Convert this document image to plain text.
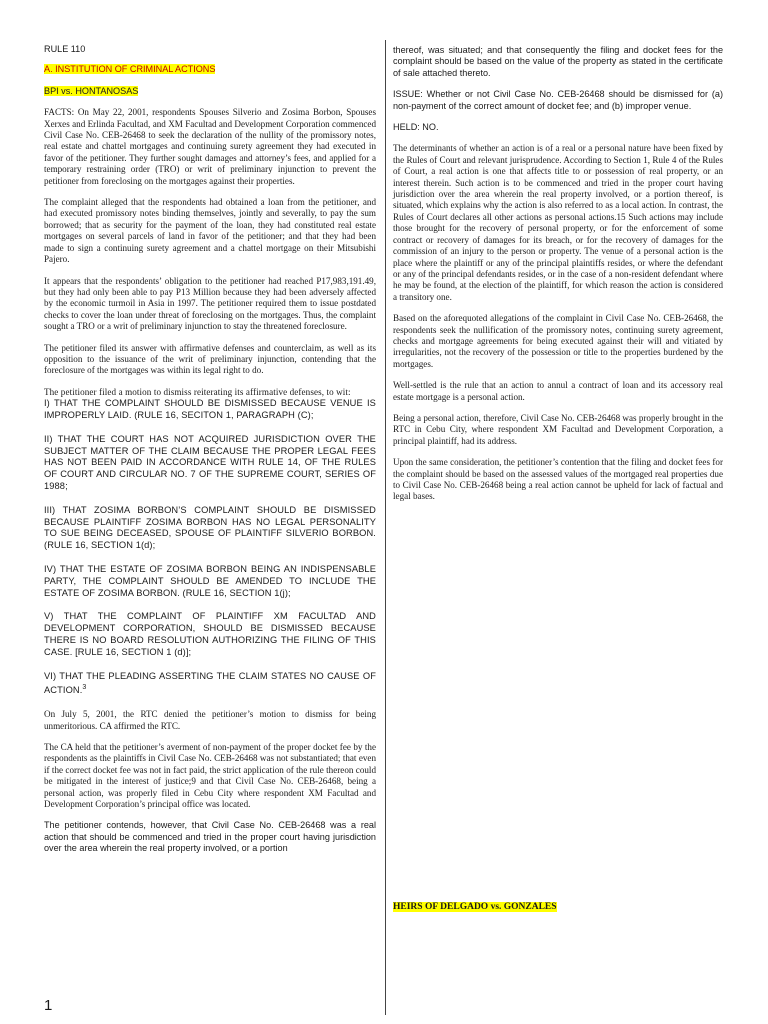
RULE 110
A. INSTITUTION OF CRIMINAL ACTIONS
BPI vs. HONTANOSAS

FACTS: On May 22, 2001, respondents Spouses Silverio and Zosima Borbon, Spouses Xerxes and Erlinda Facultad, and XM Facultad and Development Corporation commenced Civil Case No. CEB-26468 to seek the declaration of the nullity of the promissory notes, real estate and chattel mortgages and continuing surety agreement they had executed in favor of the petitioner. They further sought damages and attorney’s fees, and applied for a temporary restraining order (TRO) or writ of preliminary injunction to prevent the petitioner from foreclosing on the mortgages against their properties.

The complaint alleged that the respondents had obtained a loan from the petitioner, and had executed promissory notes binding themselves, jointly and severally, to pay the sum borrowed; that as security for the payment of the loan, they had constituted real estate mortgages on several parcels of land in favor of the petitioner; and that they had been made to sign a continuing surety agreement and a chattel mortgage on their Mitsubishi Pajero.

It appears that the respondents’ obligation to the petitioner had reached P17,983,191.49, but they had only been able to pay P13 Million because they had been adversely affected by the economic turmoil in Asia in 1997. The petitioner required them to issue postdated checks to cover the loan under threat of foreclosing on the mortgages. Thus, the complaint sought a TRO or a writ of preliminary injunction to stay the threatened foreclosure.

The petitioner filed its answer with affirmative defenses and counterclaim, as well as its opposition to the issuance of the writ of preliminary injunction, contending that the foreclosure of the mortgages was within its legal right to do.

The petitioner filed a motion to dismiss reiterating its affirmative defenses, to wit:

I) THAT THE COMPLAINT SHOULD BE DISMISSED BECAUSE VENUE IS IMPROPERLY LAID. (RULE 16, SECITON 1, PARAGRAPH (C);

II) THAT THE COURT HAS NOT ACQUIRED JURISDICTION OVER THE SUBJECT MATTER OF THE CLAIM BECAUSE THE PROPER LEGAL FEES HAS NOT BEEN PAID IN ACCORDANCE WITH RULE 14, OF THE RULES OF COURT AND CIRCULAR NO. 7 OF THE SUPREME COURT, SERIES OF 1988;

III) THAT ZOSIMA BORBON’S COMPLAINT SHOULD BE DISMISSED BECAUSE PLAINTIFF ZOSIMA BORBON HAS NO LEGAL PERSONALITY TO SUE BEING DECEASED, SPOUSE OF PLAINTIFF SILVERIO BORBON. (RULE 16, SECTION 1(d);

IV) THAT THE ESTATE OF ZOSIMA BORBON BEING AN INDISPENSABLE PARTY, THE COMPLAINT SHOULD BE AMENDED TO INCLUDE THE ESTATE OF ZOSIMA BORBON. (RULE 16, SECTION 1(j);

V) THAT THE COMPLAINT OF PLAINTIFF XM FACULTAD AND DEVELOPMENT CORPORATION, SHOULD BE DISMISSED BECAUSE THERE IS NO BOARD RESOLUTION AUTHORIZING THE FILING OF THIS CASE. [RULE 16, SECTION 1 (d)];

VI) THAT THE PLEADING ASSERTING THE CLAIM STATES NO CAUSE OF ACTION.$^3$

On July 5, 2001, the RTC denied the petitioner’s motion to dismiss for being unmeritorious. CA affirmed the RTC.

The CA held that the petitioner’s averment of non-payment of the proper docket fee by the respondents as the plaintiffs in Civil Case No. CEB-26468 was not substantiated; that even if the correct docket fee was not in fact paid, the strict application of the rule thereon could be mitigated in the interest of justice;9 and that Civil Case No. CEB-26468, being a personal action, was properly filed in Cebu City where respondent XM Facultad and Development Corporation’s principal office was located.

The petitioner contends, however, that Civil Case No. CEB-26468 was a real action that should be commenced and tried in the proper court having jurisdiction over the area wherein the real property involved, or a portion

thereof, was situated; and that consequently the filing and docket fees for the complaint should be based on the value of the property as stated in the certificate of sale attached thereto.

ISSUE: Whether or not Civil Case No. CEB-26468 should be dismissed for (a) non-payment of the correct amount of docket fee; and (b) improper venue.

HELD: NO.

The determinants of whether an action is of a real or a personal nature have been fixed by the Rules of Court and relevant jurisprudence. According to Section 1, Rule 4 of the Rules of Court, a real action is one that affects title to or possession of real property, or an interest therein. Such action is to be commenced and tried in the proper court having jurisdiction over the area wherein the real property involved, or a portion thereof, is situated, which explains why the action is also referred to as a local action. In contrast, the Rules of Court declares all other actions as personal actions.15 Such actions may include those brought for the recovery of personal property, or for the enforcement of some contract or recovery of damages for its breach, or for the recovery of damages for the commission of an injury to the person or property. The venue of a personal action is the place where the plaintiff or any of the principal plaintiffs resides, or where the defendant or any of the principal defendants resides, or in the case of a non-resident defendant where he may be found, at the election of the plaintiff, for which reason the action is considered a transitory one.

Based on the aforequoted allegations of the complaint in Civil Case No. CEB-26468, the respondents seek the nullification of the promissory notes, continuing surety agreement, checks and mortgage agreements for being executed against their will and vitiated by irregularities, not the recovery of the possession or title to the properties burdened by the mortgages.

Well-settled is the rule that an action to annul a contract of loan and its accessory real estate mortgage is a personal action.

Being a personal action, therefore, Civil Case No. CEB-26468 was properly brought in the RTC in Cebu City, where respondent XM Facultad and Development Corporation, a principal plaintiff, had its address.

Upon the same consideration, the petitioner’s contention that the filing and docket fees for the complaint should be based on the assessed values of the mortgaged real properties due to Civil Case No. CEB-26468 being a real action cannot be upheld for lack of factual and legal bases.

HEIRS OF DELGADO vs. GONZALES
1
